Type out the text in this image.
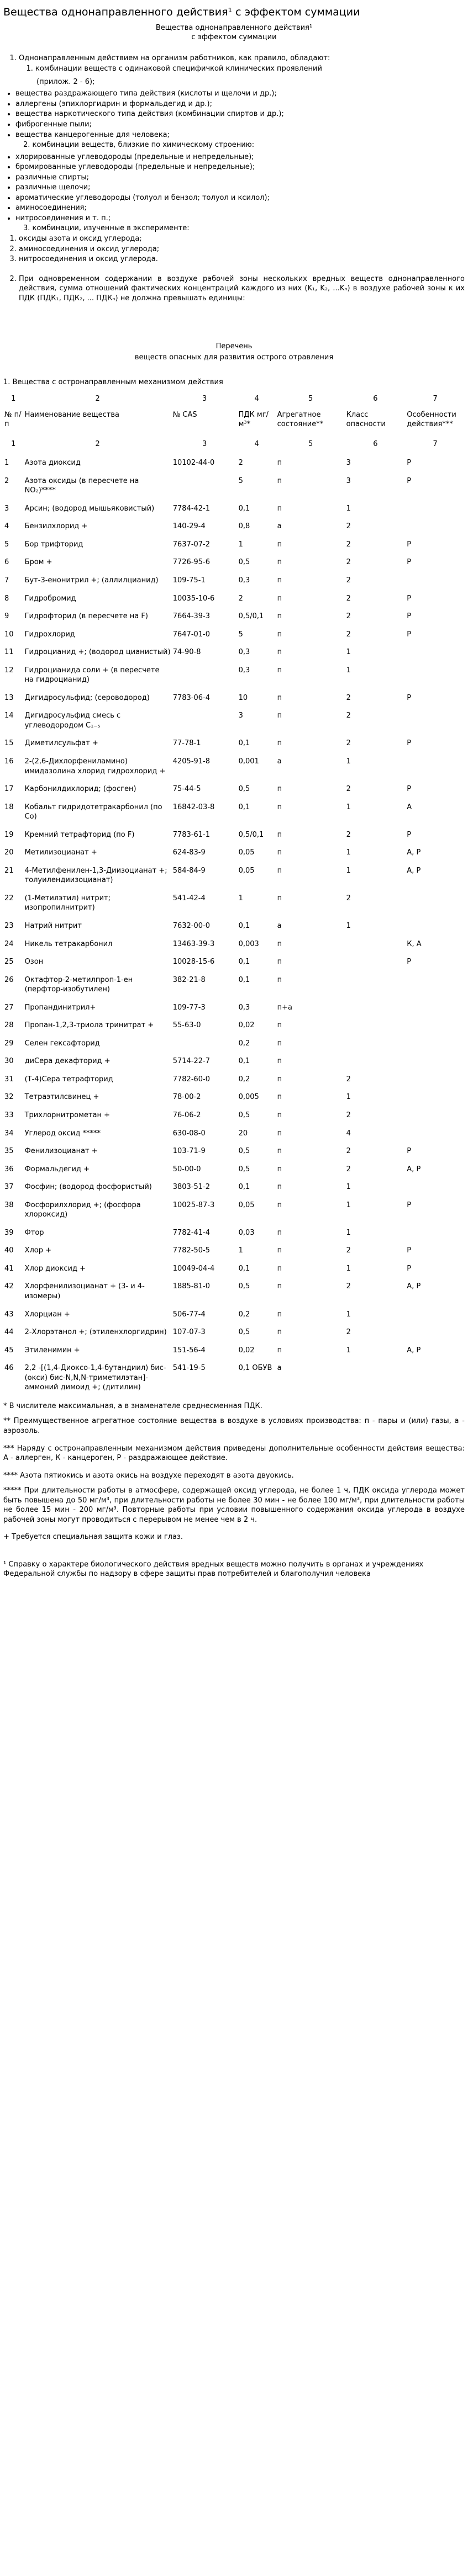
Вещества однонаправленного действия¹ с эффектом суммации
Вещества однонаправленного действия¹
с эффектом суммации
1. Однонаправленным действием на организм работников, как правило, обладают:
1. комбинации веществ с одинаковой специфичкой клинических проявлений
(прилож. 2 - 6);
• вещества раздражающего типа действия (кислоты и щелочи и др.);
• аллергены (эпихлоргидрин и формальдегид и др.);
• вещества наркотического типа действия (комбинации спиртов и др.);
• фиброгенные пыли;
• вещества канцерогенные для человека;
2. комбинации веществ, близкие по химическому строению:
• хлорированные углеводороды (предельные и непредельные);
• бромированные углеводороды (предельные и непредельные);
• различные спирты;
• различные щелочи;
• ароматические углеводороды (толуол и бензол; толуол и ксилол);
• аминосоединения;
• нитросоединения и т. п.;
3. комбинации, изученные в эксперименте:
1. оксиды азота и оксид углерода;
2. аминосоединения и оксид углерода;
3. нитросоединения и оксид углерода.
2. При одновременном содержании в воздухе рабочей зоны нескольких вредных веществ однонаправленного действия, сумма отношений фактических концентраций каждого из них (K₁, K₂, ...Kₙ) в воздухе рабочей зоны к их ПДК (ПДК₁, ПДК₂, ... ПДКₙ) не должна превышать единицы:
Перечень
веществ опасных для развития острого отравления
1. Вещества с остронаправленным механизмом действия
1	2	3	4	5	6	7
№ п/п	Наименование вещества	№ CAS	ПДК мг/м³*	Агрегатное состояние**	Класс опасности	Особенности действия***
1	2	3	4	5	6	7
1	Азота диоксид	10102-44-0	2	п	3	Р
2	Азота оксиды (в пересчете на NO₂)****		5	п	3	Р
3	Арсин; (водород мышьяковистый)	7784-42-1	0,1	п	1	
4	Бензилхлорид +	140-29-4	0,8	а	2	
5	Бор трифторид	7637-07-2	1	п	2	Р
6	Бром +	7726-95-6	0,5	п	2	Р
7	Бут-3-енонитрил +; (аллилцианид)	109-75-1	0,3	п	2	
8	Гидробромид	10035-10-6	2	п	2	Р
9	Гидрофторид (в пересчете на F)	7664-39-3	0,5/0,1	п	2	Р
10	Гидрохлорид	7647-01-0	5	п	2	Р
11	Гидроцианид +; (водород цианистый)	74-90-8	0,3	п	1	
12	Гидроцианида соли + (в пересчете на гидроцианид)		0,3	п	1	
13	Дигидросульфид; (сероводород)	7783-06-4	10	п	2	Р
14	Дигидросульфид смесь с углеводородом C₁₋₅		3	п	2	
15	Диметилсульфат +	77-78-1	0,1	п	2	Р
16	2-(2,6-Дихлорфениламино) имидазолина хлорид гидрохлорид +	4205-91-8	0,001	а	1	
17	Карбонилдихлорид; (фосген)	75-44-5	0,5	п	2	Р
18	Кобальт гидридотетракарбонил (по Co)	16842-03-8	0,1	п	1	А
19	Кремний тетрафторид (по F)	7783-61-1	0,5/0,1	п	2	Р
20	Метилизоцианат +	624-83-9	0,05	п	1	А, Р
21	4-Метилфенилен-1,3-Диизоцианат +; толуилендиизоцианат)	584-84-9	0,05	п	1	А, Р
22	(1-Метилэтил) нитрит; изопропилнитрит)	541-42-4	1	п	2	
23	Натрий нитрит	7632-00-0	0,1	а	1	
24	Никель тетракарбонил	13463-39-3	0,003	п		К, А
25	Озон	10028-15-6	0,1	п		Р
26	Октафтор-2-метилпроп-1-ен (перфтор-изобутилен)	382-21-8	0,1	п		
27	Пропандинитрил+	109-77-3	0,3	п+а		
28	Пропан-1,2,3-триола тринитрат +	55-63-0	0,02	п		
29	Селен гексафторид		0,2	п		
30	диСера декафторид +	5714-22-7	0,1	п		
31	(Т-4)Сера тетрафторид	7782-60-0	0,2	п	2	
32	Тетраэтилсвинец +	78-00-2	0,005	п	1	
33	Трихлорнитрометан +	76-06-2	0,5	п	2	
34	Углерод оксид *****	630-08-0	20	п	4	
35	Фенилизоцианат +	103-71-9	0,5	п	2	Р
36	Формальдегид +	50-00-0	0,5	п	2	А, Р
37	Фосфин; (водород фосфористый)	3803-51-2	0,1	п	1	
38	Фосфорилхлорид +; (фосфора хлороксид)	10025-87-3	0,05	п	1	Р
39	Фтор	7782-41-4	0,03	п	1	
40	Хлор +	7782-50-5	1	п	2	Р
41	Хлор диоксид +	10049-04-4	0,1	п	1	Р
42	Хлорфенилизоцианат + (3- и 4-изомеры)	1885-81-0	0,5	п	2	А, Р
43	Хлорциан +	506-77-4	0,2	п	1	
44	2-Хлорэтанол +; (этиленхлоргидрин)	107-07-3	0,5	п	2	
45	Этиленимин +	151-56-4	0,02	п	1	А, Р
46	2,2 -[(1,4-Диоксо-1,4-бутандиил) бис-(окси) бис-N,N,N-триметилэтан]-аммоний димоид +; (дитилин)	541-19-5	0,1 ОБУВ	а		

* В числителе максимальная, а в знаменателе среднесменная ПДК.

** Преимущественное агрегатное состояние вещества в воздухе в условиях производства: п - пары и (или) газы, а - аэрозоль.

*** Наряду с остронаправленным механизмом действия приведены дополнительные особенности действия вещества: А - аллерген, К - канцероген, Р - раздражающее действие.

**** Азота пятиокись и азота окись на воздухе переходят в азота двуокись.

***** При длительности работы в атмосфере, содержащей оксид углерода, не более 1 ч, ПДК оксида углерода может быть повышена до 50 мг/м³, при длительности работы не более 30 мин - не более 100 мг/м³, при длительности работы не более 15 мин - 200 мг/м³. Повторные работы при условии повышенного содержания оксида углерода в воздухе рабочей зоны могут проводиться с перерывом не менее чем в 2 ч.

+ Требуется специальная защита кожи и глаз.

¹ Справку о характере биологического действия вредных веществ можно получить в органах и учреждениях Федеральной службы по надзору в сфере защиты прав потребителей и благополучия человека
